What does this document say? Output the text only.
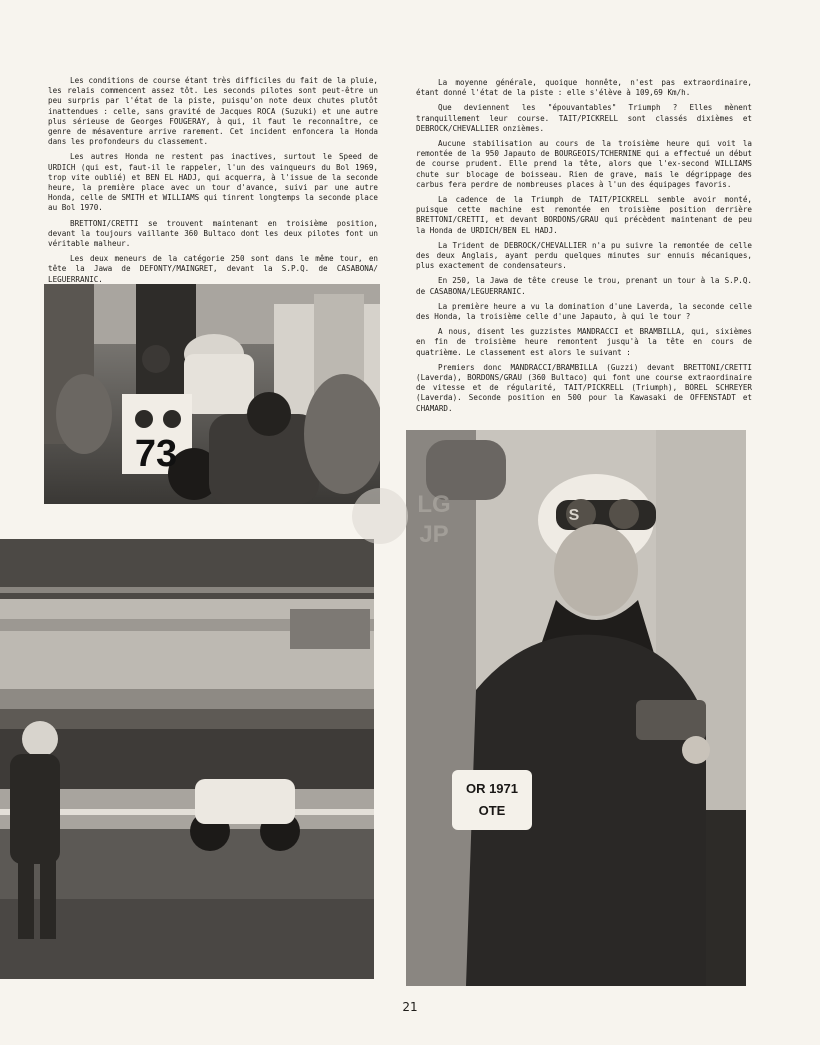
Les conditions de course étant très difficiles du fait de la pluie, les relais commencent assez tôt. Les seconds pilotes sont peut-être un peu surpris par l'état de la piste, puisqu'on note deux chutes plutôt inattendues : celle, sans gravité de Jacques ROCA (Suzuki) et une autre plus sérieuse de Georges FOUGERAY, à qui, il faut le reconnaître, ce genre de mésaventure arrive rarement. Cet incident enfoncera la Honda dans les profondeurs du classement.

Les autres Honda ne restent pas inactives, surtout le Speed de URDICH (qui est, faut-il le rappeler, l'un des vainqueurs du Bol 1969, trop vite oublié) et BEN EL HADJ, qui acquerra, à l'issue de la seconde heure, la première place avec un tour d'avance, suivi par une autre Honda, celle de SMITH et WILLIAMS qui tinrent longtemps la seconde place au Bol 1970.

BRETTONI/CRETTI se trouvent maintenant en troisième position, devant la toujours vaillante 360 Bultaco dont les deux pilotes font un véritable malheur.

Les deux meneurs de la catégorie 250 sont dans le même tour, en tête la Jawa de DEFONTY/MAINGRET, devant la S.P.Q. de CASABONA/ LEGUERRANIC.

La moyenne générale, quoique honnête, n'est pas extraordinaire, étant donné l'état de la piste : elle s'élève à 109,69 Km/h.

Que deviennent les "épouvantables" Triumph ? Elles mènent tranquillement leur course. TAIT/PICKRELL sont classés dixièmes et DEBROCK/CHEVALLIER onzièmes.

Aucune stabilisation au cours de la troisième heure qui voit la remontée de la 950 Japauto de BOURGEOIS/TCHERNINE qui a effectué un début de course prudent. Elle prend la tête, alors que l'ex-second WILLIAMS chute sur blocage de boisseau. Rien de grave, mais le dégrippage des carbus fera perdre de nombreuses places à l'un des équipages favoris.

La cadence de la Triumph de TAIT/PICKRELL semble avoir monté, puisque cette machine est remontée en troisième position derrière BRETTONI/CRETTI, et devant BORDONS/GRAU qui précèdent maintenant de peu la Honda de URDICH/BEN EL HADJ.

La Trident de DEBROCK/CHEVALLIER n'a pu suivre la remontée de celle des deux Anglais, ayant perdu quelques minutes sur ennuis mécaniques, plus exactement de condensateurs.

En 250, la Jawa de tête creuse le trou, prenant un tour à la S.P.Q. de CASABONA/LEGUERRANIC.

La première heure a vu la domination d'une Laverda, la seconde celle des Honda, la troisième celle d'une Japauto, à qui le tour ?

A nous, disent les guzzistes MANDRACCI et BRAMBILLA, qui, sixièmes en fin de troisième heure remontent jusqu'à la tête en cours de quatrième. Le classement est alors le suivant :

Premiers donc MANDRACCI/BRAMBILLA (Guzzi) devant BRETTONI/CRETTI (Laverda), BORDONS/GRAU (360 Bultaco) qui font une course extraordinaire de vitesse et de régularité, TAIT/PICKRELL (Triumph), BOREL SCHREYER (Laverda). Seconde position en 500 pour la Kawasaki de OFFENSTADT et CHAMARD.

73
OR 1971
OTE
S
LG
JP
21
